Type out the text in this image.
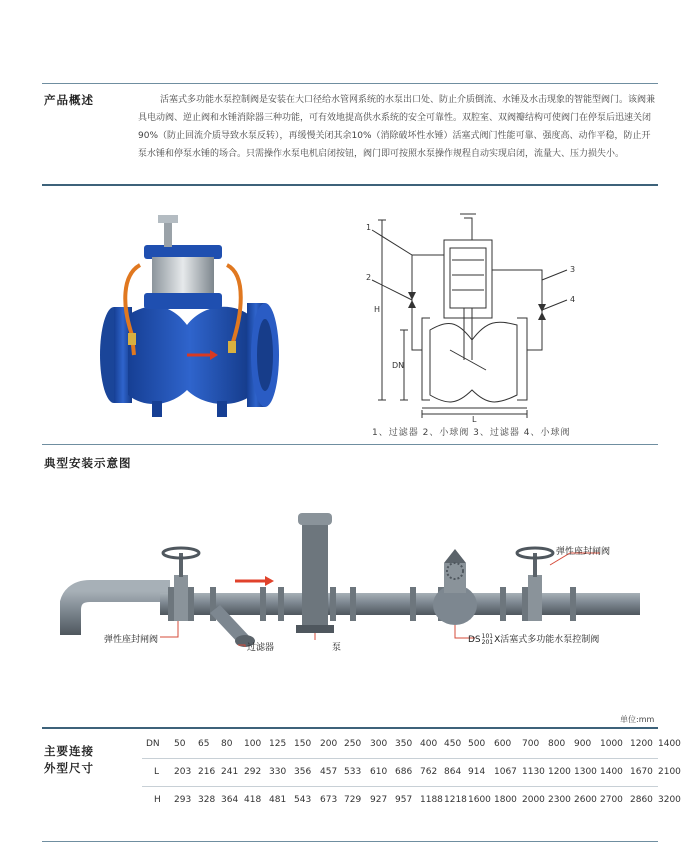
产品概述	活塞式多功能水泵控制阀是安装在大口径给水管网系统的水泵出口处、防止介质倒流、水锤及水击现象的智能型阀门。该阀兼具电动阀、逆止阀和水锤消除器三种功能，可有效地提高供水系统的安全可靠性。双腔室、双阀瓣结构可使阀门在停泵后迅速关闭90%（防止回流介质导致水泵反转），再缓慢关闭其余10%（消除破坏性水锤）活塞式阀门性能可靠、强度高、动作平稳，防止开泵水锤和停泵水锤的场合。只需操作水泵电机启闭按钮，阀门即可按照水泵操作规程自动实现启闭，流量大、压力损失小。
1
2
3
4
H
DN
L
1、过滤器 2、小球阀 3、过滤器 4、小球阀
典型安装示意图
弹性座封闸阀
过滤器	泵
弹性座封闸阀
DS 101
201 X活塞式多功能水泵控制阀
单位:mm
主要连接
外型尺寸
DN 50 65 80 100 125 150 200 250 300 350 400 450 500 600 700 800 900 1000 1200 1400
L 203 216 241 292 330 356 457 533 610 686 762 864 914 1067 1130 1200 1300 1400 1670 2100
H 293 328 364 418 481 543 673 729 927 957 1188 1218 1600 1800 2000 2300 2600 2700 2860 3200
